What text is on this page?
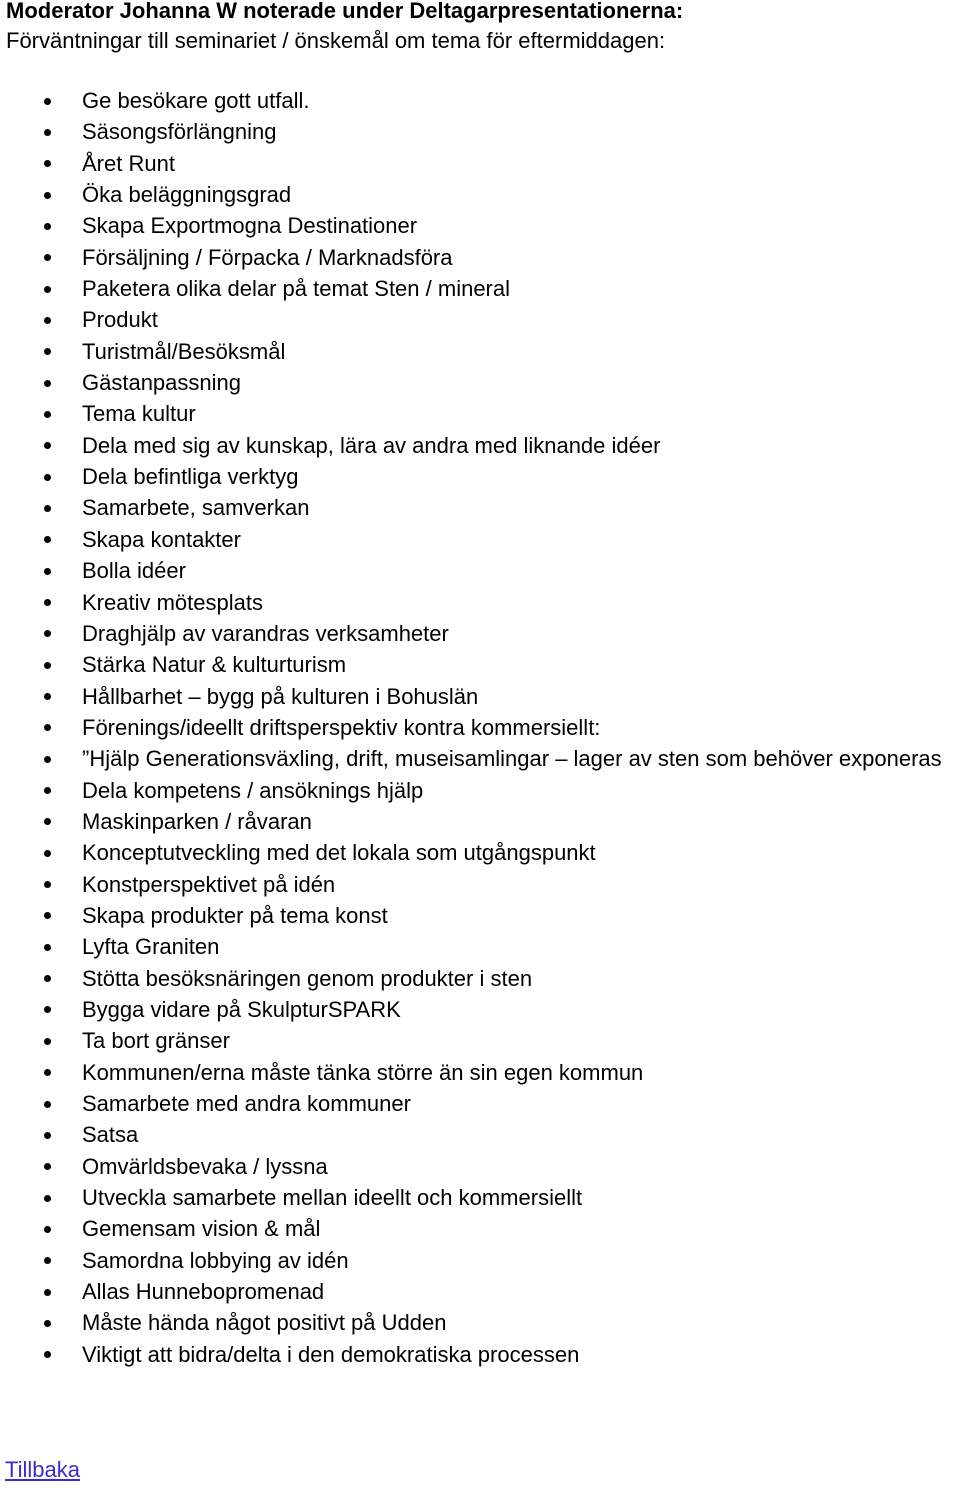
Moderator Johanna W noterade under Deltagarpresentationerna:

Förväntningar till seminariet / önskemål om tema för eftermiddagen:

Ge besökare gott utfall.
Säsongsförlängning
Året Runt
Öka beläggningsgrad
Skapa Exportmogna Destinationer
Försäljning / Förpacka / Marknadsföra
Paketera olika delar på temat Sten / mineral
Produkt
Turistmål/Besöksmål
Gästanpassning
Tema kultur
Dela med sig av kunskap, lära av andra med liknande idéer
Dela befintliga verktyg
Samarbete, samverkan
Skapa kontakter
Bolla idéer
Kreativ mötesplats
Draghjälp av varandras verksamheter
Stärka Natur & kulturturism
Hållbarhet – bygg på kulturen i Bohuslän
Förenings/ideellt driftsperspektiv kontra kommersiellt:
”Hjälp Generationsväxling, drift, museisamlingar – lager av sten som behöver exponeras
Dela kompetens / ansöknings hjälp
Maskinparken / råvaran
Konceptutveckling med det lokala som utgångspunkt
Konstperspektivet på idén
Skapa produkter på tema konst
Lyfta Graniten
Stötta besöksnäringen genom produkter i sten
Bygga vidare på SkulpturSPARK
Ta bort gränser
Kommunen/erna måste tänka större än sin egen kommun
Samarbete med andra kommuner
Satsa
Omvärldsbevaka / lyssna
Utveckla samarbete mellan ideellt och kommersiellt
Gemensam vision & mål
Samordna lobbying av idén
Allas Hunnebopromenad
Måste hända något positivt på Udden
Viktigt att bidra/delta i den demokratiska processen
Tillbaka
